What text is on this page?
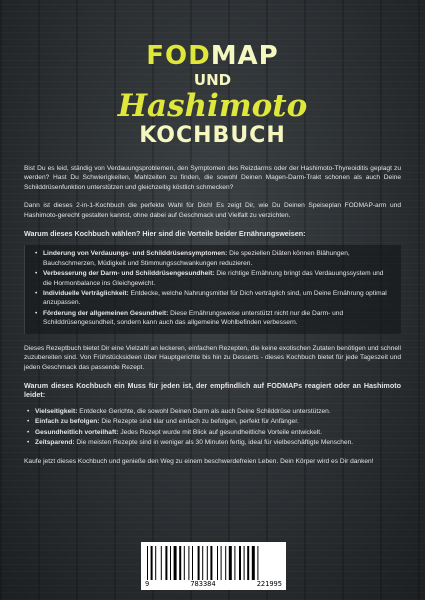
FODMAP
UND
Hashimoto
KOCHBUCH

Bist Du es leid, ständig von Verdauungsproblemen, den Symptomen des Reizdarms oder der Hashimoto-Thyreoiditis geplagt zu werden? Hast Du Schwierigkeiten, Mahlzeiten zu finden, die sowohl Deinen Magen-Darm-Trakt schonen als auch Deine Schilddrüsenfunktion unterstützen und gleichzeitig köstlich schmecken?

Dann ist dieses 2-in-1-Kochbuch die perfekte Wahl für Dich! Es zeigt Dir, wie Du Deinen Speiseplan FODMAP-arm und Hashimoto-gerecht gestalten kannst, ohne dabei auf Geschmack und Vielfalt zu verzichten.

Warum dieses Kochbuch wählen? Hier sind die Vorteile beider Ernährungsweisen:

• Linderung von Verdauungs- und Schilddrüsensymptomen: Die speziellen Diäten können Blähungen, Bauchschmerzen, Müdigkeit und Stimmungsschwankungen reduzieren.
• Verbesserung der Darm- und Schilddrüsengesundheit: Die richtige Ernährung bringt das Verdauungssystem und die Hormonbalance ins Gleichgewicht.
• Individuelle Verträglichkeit: Entdecke, welche Nahrungsmittel für Dich verträglich sind, um Deine Ernährung optimal anzupassen.
• Förderung der allgemeinen Gesundheit: Diese Ernährungsweise unterstützt nicht nur die Darm- und Schilddrüsengesundheit, sondern kann auch das allgemeine Wohlbefinden verbessern.

Dieses Rezeptbuch bietet Dir eine Vielzahl an leckeren, einfachen Rezepten, die keine exotischen Zutaten benötigen und schnell zuzubereiten sind. Von Frühstücksideen über Hauptgerichte bis hin zu Desserts - dieses Kochbuch bietet für jede Tageszeit und jeden Geschmack das passende Rezept.

Warum dieses Kochbuch ein Muss für jeden ist, der empfindlich auf FODMAPs reagiert oder an Hashimoto leidet:

• Vielseitigkeit: Entdecke Gerichte, die sowohl Deinen Darm als auch Deine Schilddrüse unterstützen.
• Einfach zu befolgen: Die Rezepte sind klar und einfach zu befolgen, perfekt für Anfänger.
• Gesundheitlich vorteilhaft: Jedes Rezept wurde mit Blick auf gesundheitliche Vorteile entwickelt.
• Zeitsparend: Die meisten Rezepte sind in weniger als 30 Minuten fertig, ideal für vielbeschäftigte Menschen.

Kaufe jetzt dieses Kochbuch und genieße den Weg zu einem beschwerdefreien Leben. Dein Körper wird es Dir danken!

9	783384	221995
